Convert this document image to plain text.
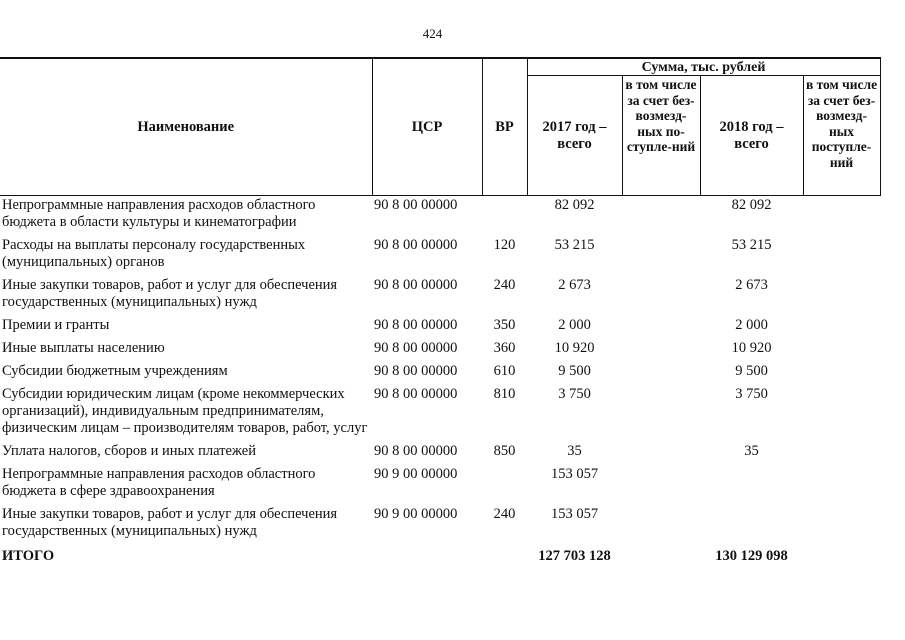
424
Наименование	ЦСР	ВР	Сумма, тыс. рублей			
			2017 год – всего	в том числе за счет без-возмезд-ных по-ступле-ний	2018 год – всего	в том числе за счет без-возмезд-ных поступле-ний
Непрограммные направления расходов областного бюджета в области культуры и кинематографии	90 8 00 00000		82 092		82 092	
Расходы на выплаты персоналу государственных (муниципальных) органов	90 8 00 00000	120	53 215		53 215	
Иные закупки товаров, работ и услуг для обеспечения государственных (муниципальных) нужд	90 8 00 00000	240	2 673		2 673	
Премии и гранты	90 8 00 00000	350	2 000		2 000	
Иные выплаты населению	90 8 00 00000	360	10 920		10 920	
Субсидии бюджетным учреждениям	90 8 00 00000	610	9 500		9 500	
Субсидии юридическим лицам (кроме некоммерческих организаций), индивидуальным предпринимателям, физическим лицам – производителям товаров, работ, услуг	90 8 00 00000	810	3 750		3 750	
Уплата налогов, сборов и иных платежей	90 8 00 00000	850	35		35	
Непрограммные направления расходов областного бюджета в сфере здравоохранения	90 9 00 00000		153 057			
Иные закупки товаров, работ и услуг для обеспечения государственных (муниципальных) нужд	90 9 00 00000	240	153 057			
ИТОГО			127 703 128		130 129 098	
